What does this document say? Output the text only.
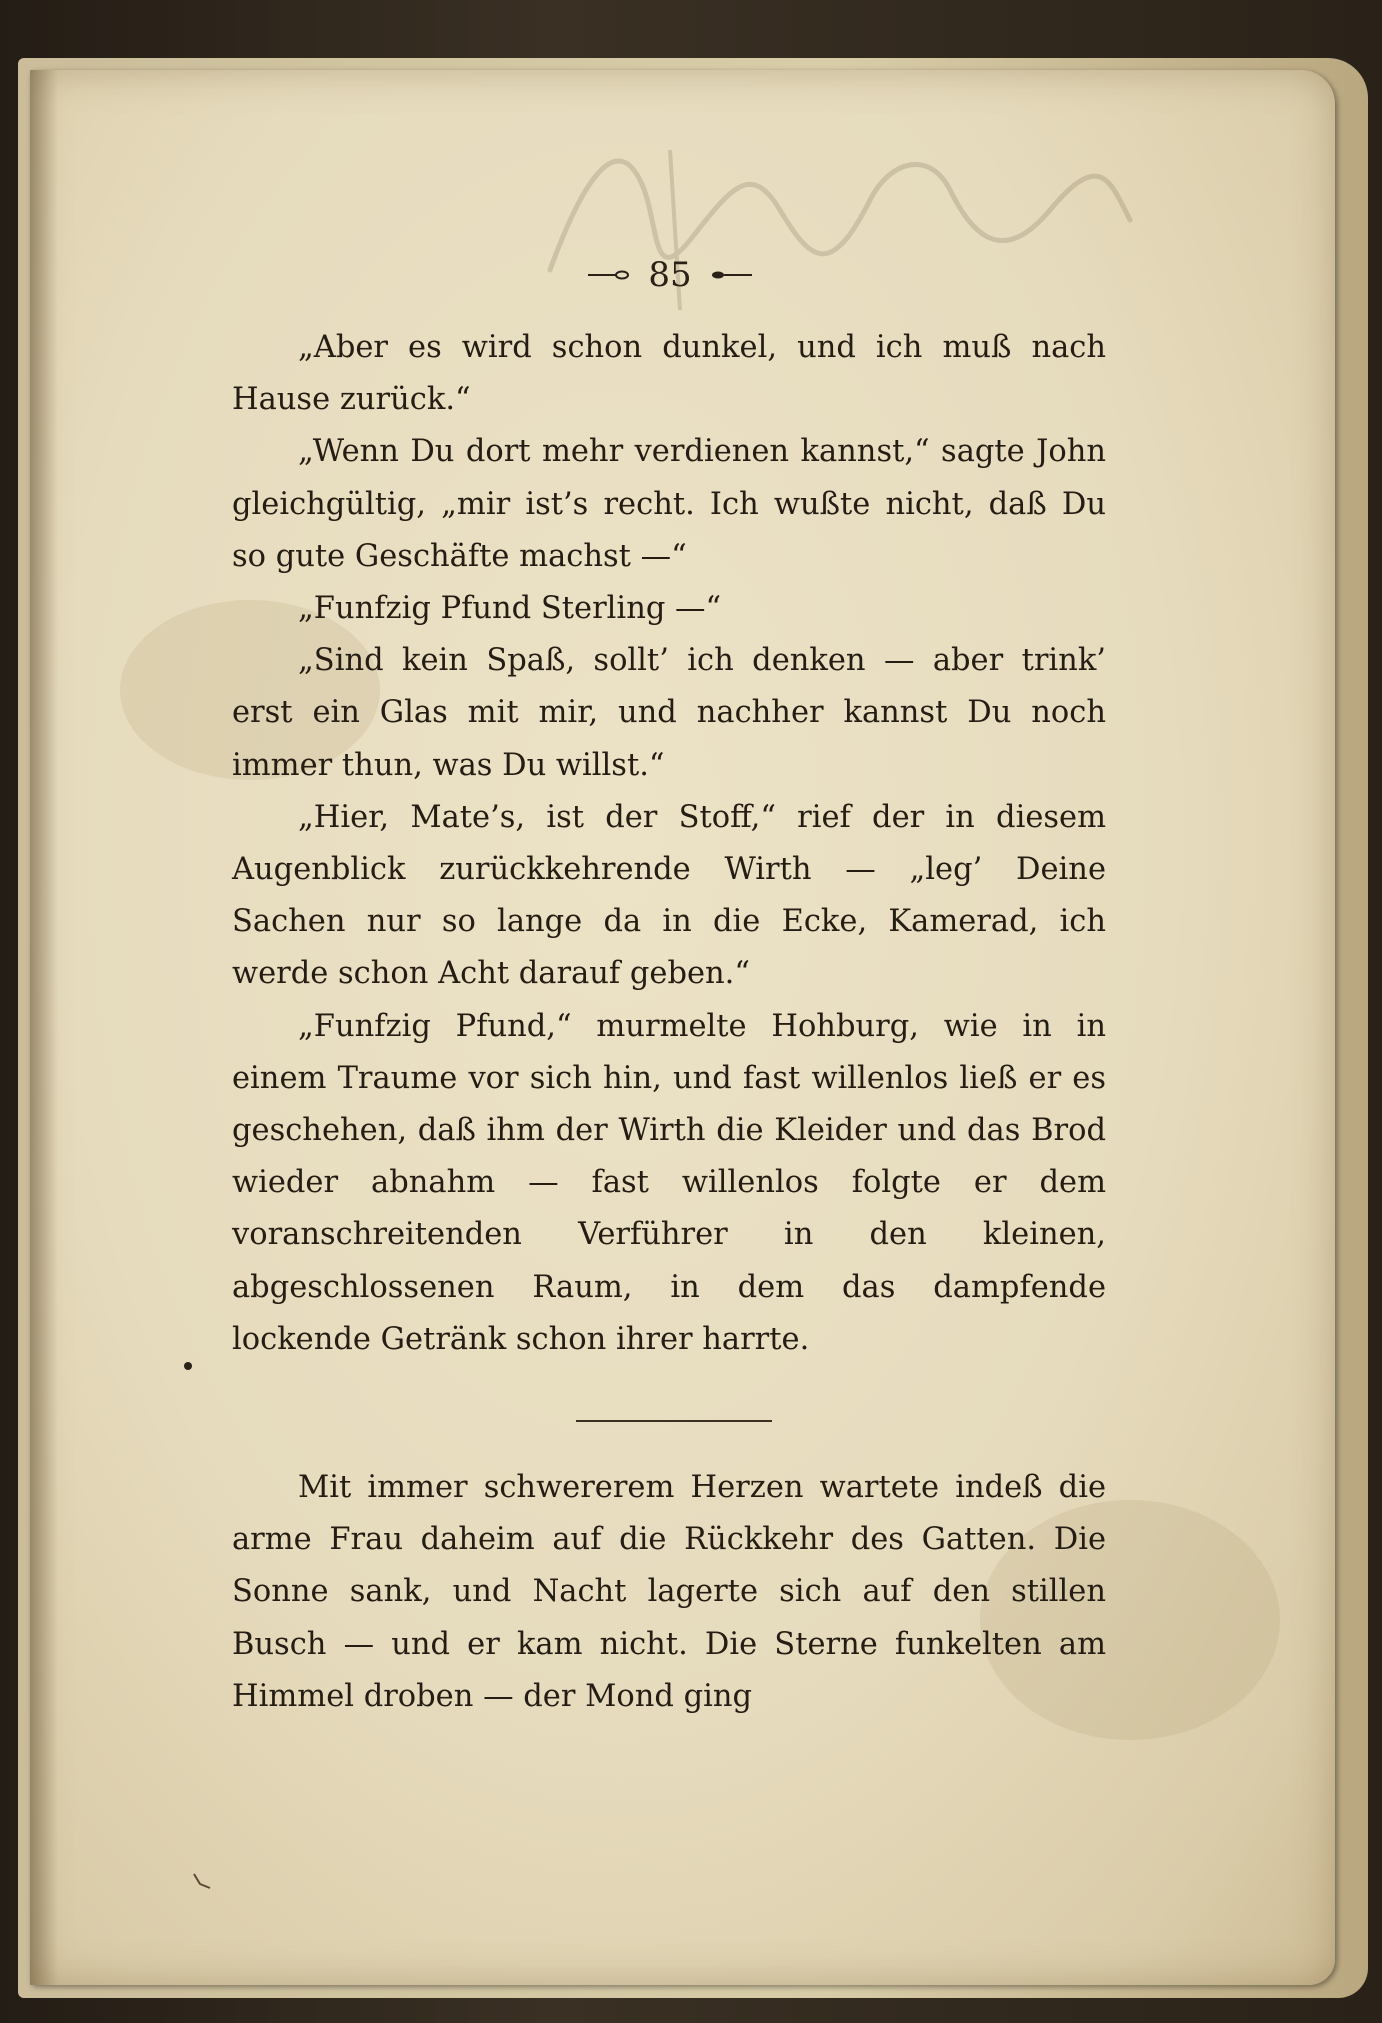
85

„Aber es wird schon dunkel, und ich muß nach Hause zurück.“

„Wenn Du dort mehr verdienen kannst,“ sagte John gleichgültig, „mir ist’s recht. Ich wußte nicht, daß Du so gute Geschäfte machst —“

„Funfzig Pfund Sterling —“

„Sind kein Spaß, sollt’ ich denken — aber trink’ erst ein Glas mit mir, und nachher kannst Du noch immer thun, was Du willst.“

„Hier, Mate’s, ist der Stoff,“ rief der in diesem Augenblick zurückkehrende Wirth — „leg’ Deine Sachen nur so lange da in die Ecke, Kamerad, ich werde schon Acht darauf geben.“

„Funfzig Pfund,“ murmelte Hohburg, wie in in einem Traume vor sich hin, und fast willenlos ließ er es geschehen, daß ihm der Wirth die Kleider und das Brod wieder abnahm — fast willenlos folgte er dem voranschreitenden Verführer in den kleinen, abgeschlossenen Raum, in dem das dampfende lockende Getränk schon ihrer harrte.

Mit immer schwererem Herzen wartete indeß die arme Frau daheim auf die Rückkehr des Gatten. Die Sonne sank, und Nacht lagerte sich auf den stillen Busch — und er kam nicht. Die Sterne funkelten am Himmel droben — der Mond ging
